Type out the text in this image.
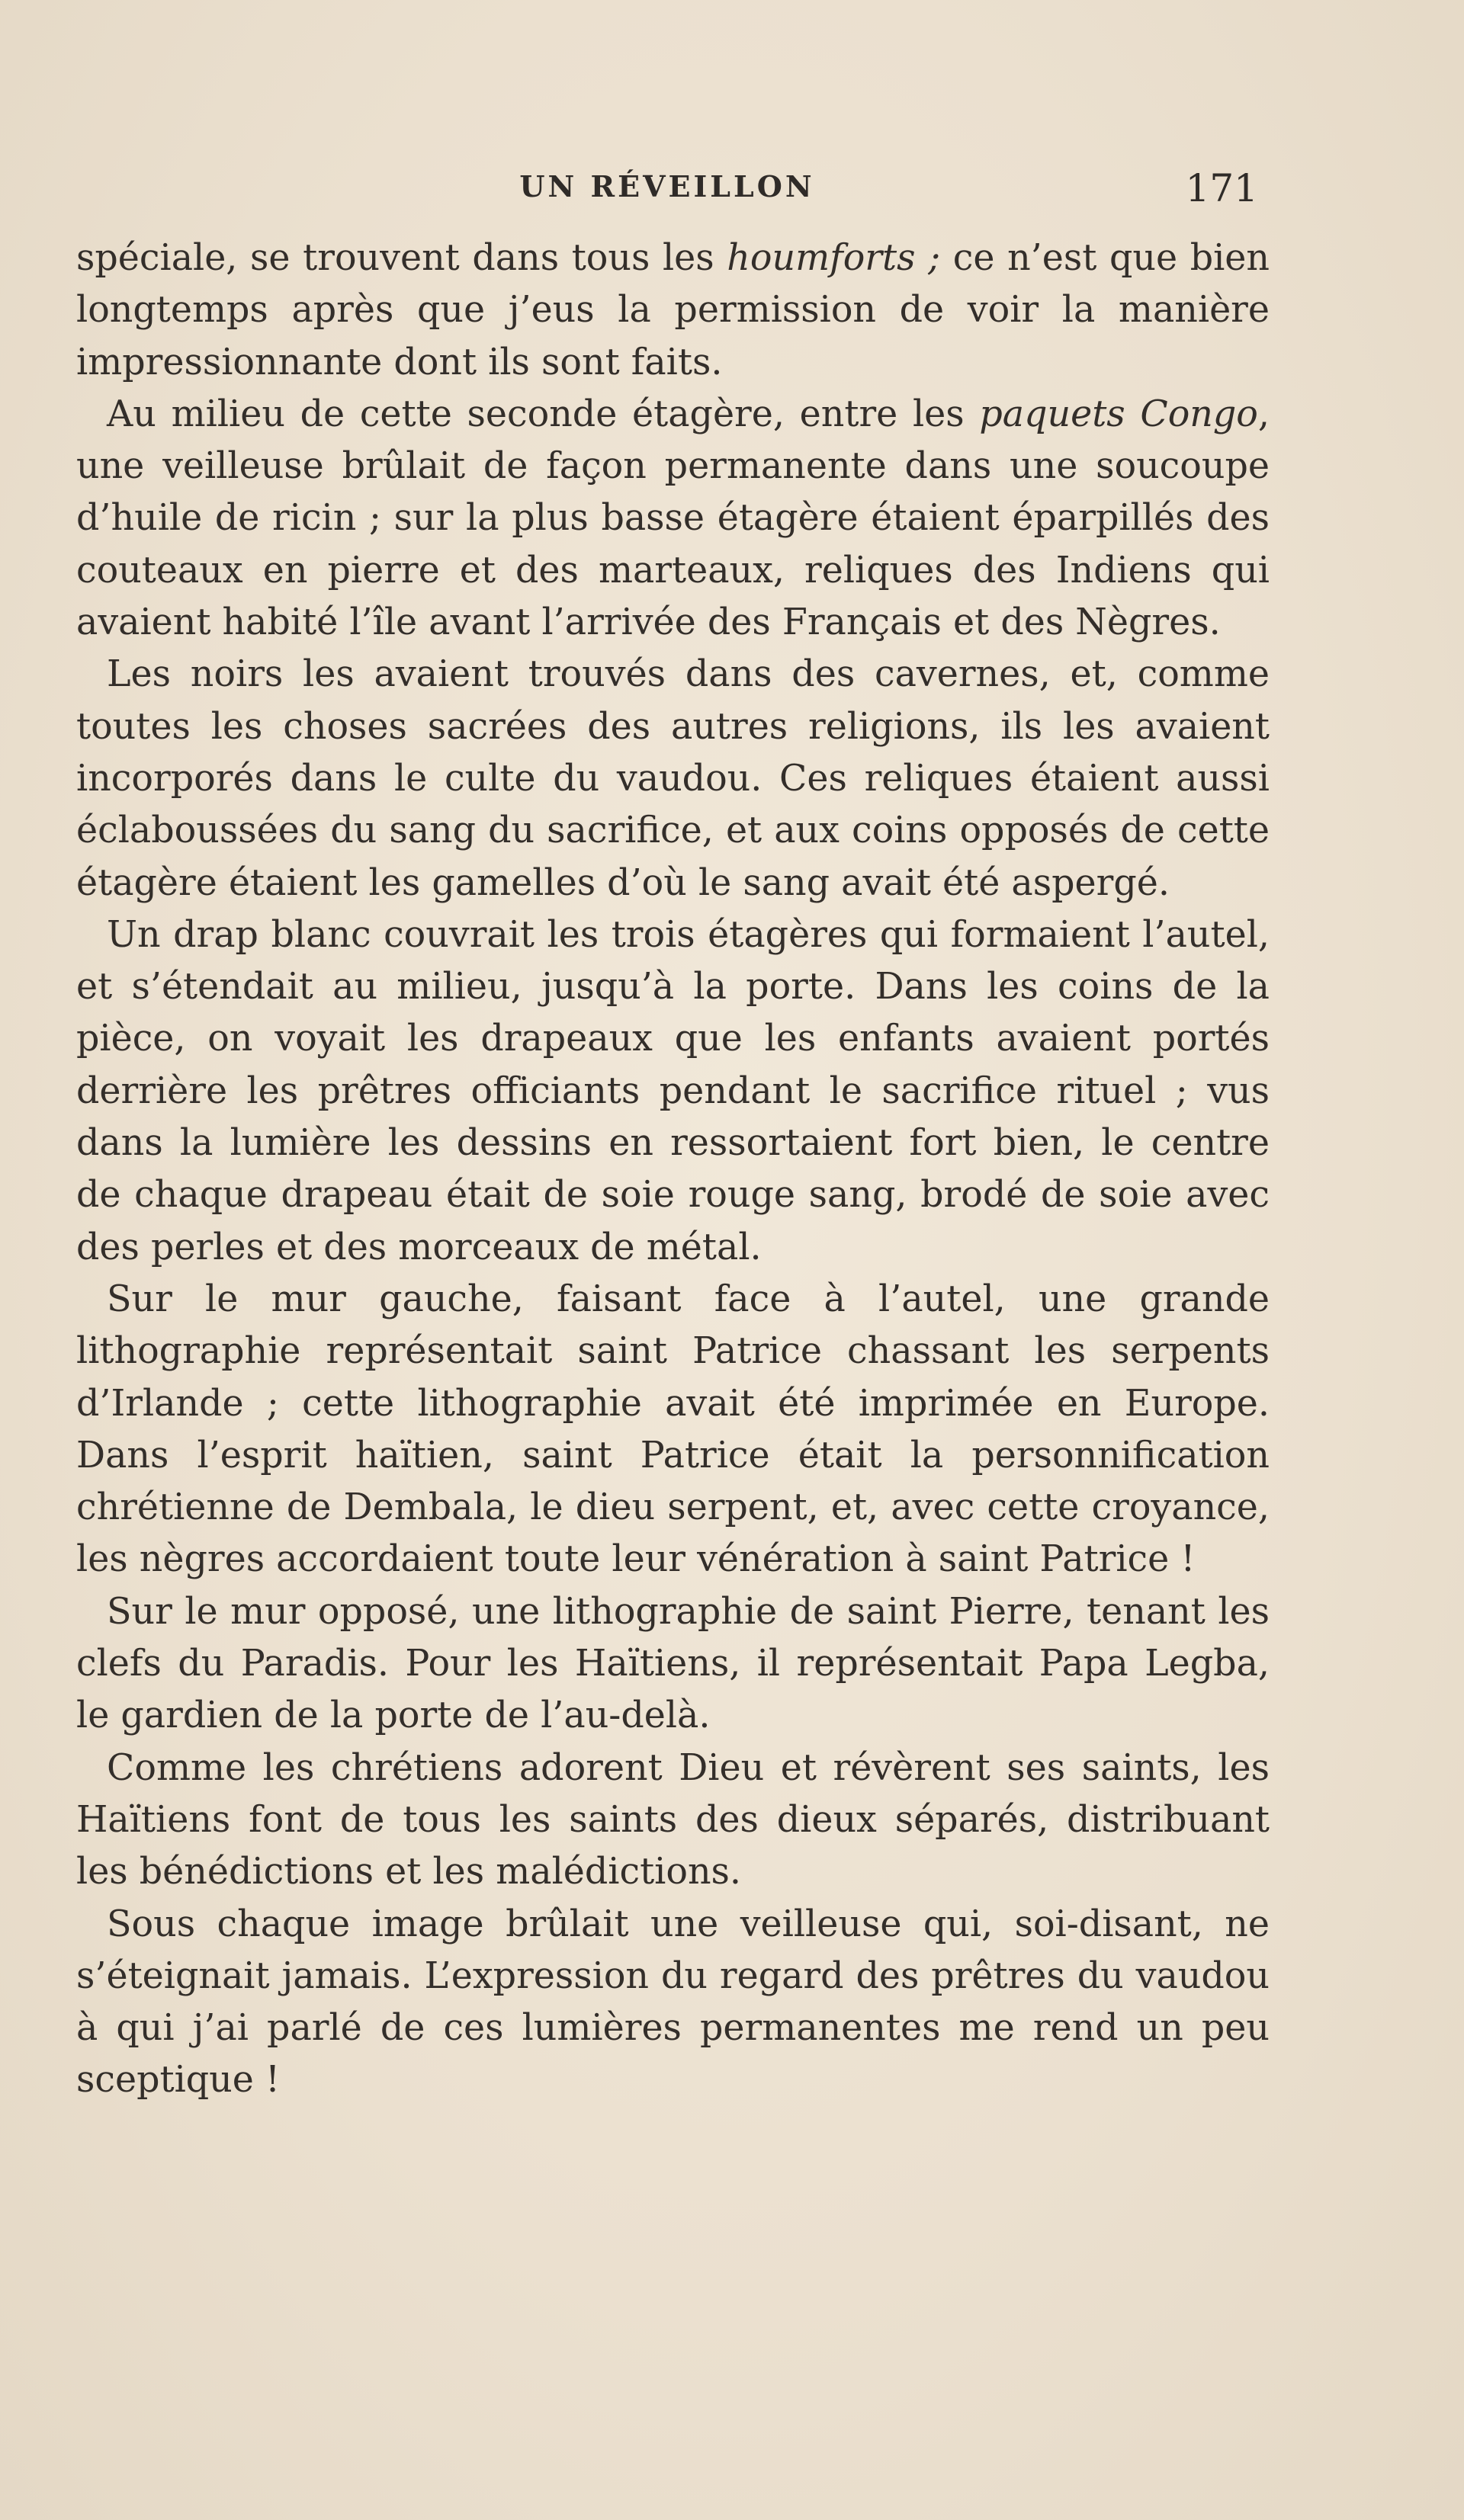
UN RÉVEILLON	171

spéciale, se trouvent dans tous les houmforts ; ce n’est que bien longtemps après que j’eus la permission de voir la manière impressionnante dont ils sont faits.

Au milieu de cette seconde étagère, entre les paquets Congo, une veilleuse brûlait de façon permanente dans une soucoupe d’huile de ricin ; sur la plus basse étagère étaient éparpillés des couteaux en pierre et des marteaux, reliques des Indiens qui avaient habité l’île avant l’arrivée des Français et des Nègres.

Les noirs les avaient trouvés dans des cavernes, et, comme toutes les choses sacrées des autres religions, ils les avaient incorporés dans le culte du vaudou. Ces reliques étaient aussi éclaboussées du sang du sacrifice, et aux coins opposés de cette étagère étaient les gamelles d’où le sang avait été aspergé.

Un drap blanc couvrait les trois étagères qui formaient l’autel, et s’étendait au milieu, jusqu’à la porte. Dans les coins de la pièce, on voyait les drapeaux que les enfants avaient portés derrière les prêtres officiants pendant le sacrifice rituel ; vus dans la lumière les dessins en ressortaient fort bien, le centre de chaque drapeau était de soie rouge sang, brodé de soie avec des perles et des morceaux de métal.

Sur le mur gauche, faisant face à l’autel, une grande lithographie représentait saint Patrice chassant les serpents d’Irlande ; cette lithographie avait été imprimée en Europe. Dans l’esprit haïtien, saint Patrice était la personnification chrétienne de Dembala, le dieu serpent, et, avec cette croyance, les nègres accordaient toute leur vénération à saint Patrice !

Sur le mur opposé, une lithographie de saint Pierre, tenant les clefs du Paradis. Pour les Haïtiens, il représentait Papa Legba, le gardien de la porte de l’au-delà.

Comme les chrétiens adorent Dieu et révèrent ses saints, les Haïtiens font de tous les saints des dieux séparés, distribuant les bénédictions et les malédictions.

Sous chaque image brûlait une veilleuse qui, soi-disant, ne s’éteignait jamais. L’expression du regard des prêtres du vaudou à qui j’ai parlé de ces lumières permanentes me rend un peu sceptique !
